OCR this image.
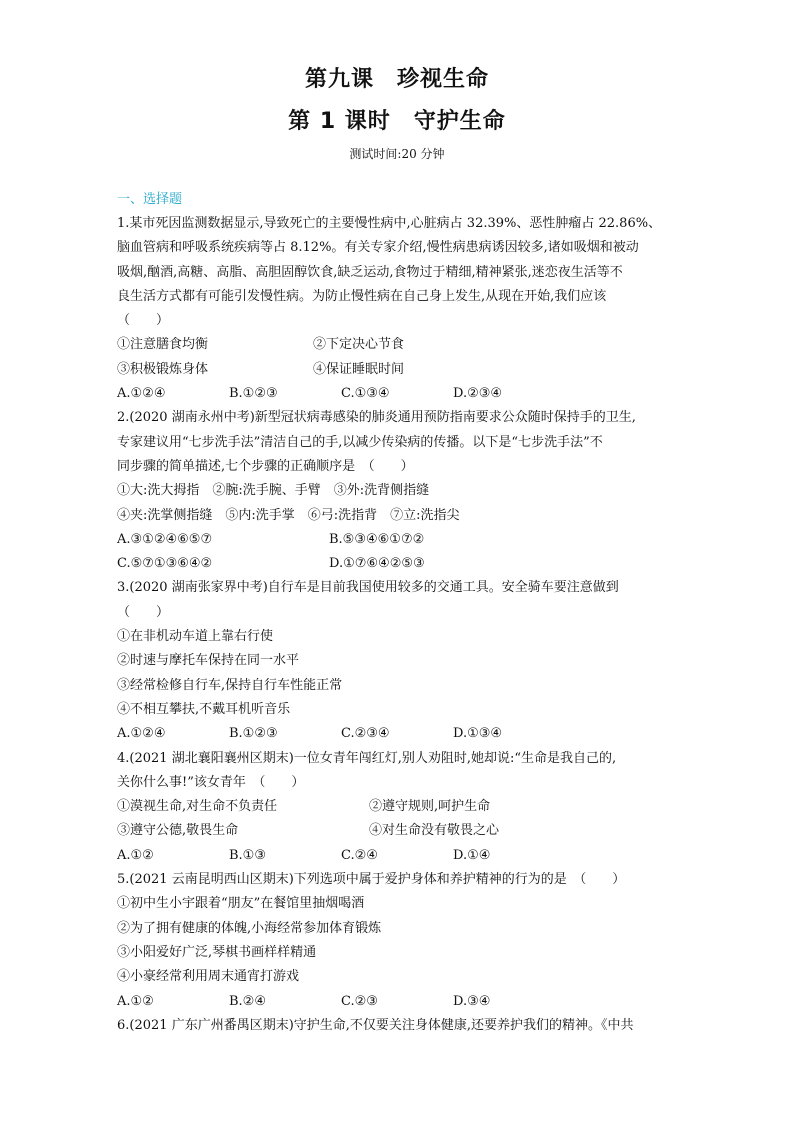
第九课　珍视生命
第 1 课时　守护生命
测试时间:20 分钟
一、选择题
1.某市死因监测数据显示,导致死亡的主要慢性病中,心脏病占 32.39%、恶性肿瘤占 22.86%、
脑血管病和呼吸系统疾病等占 8.12%。有关专家介绍,慢性病患病诱因较多,诸如吸烟和被动
吸烟,酗酒,高糖、高脂、高胆固醇饮食,缺乏运动,食物过于精细,精神紧张,迷恋夜生活等不
良生活方式都有可能引发慢性病。为防止慢性病在自己身上发生,从现在开始,我们应该
（　　）
①注意膳食均衡	②下定决心节食
③积极锻炼身体	④保证睡眠时间
A.①②④	B.①②③	C.①③④	D.②③④
2.(2020 湖南永州中考)新型冠状病毒感染的肺炎通用预防指南要求公众随时保持手的卫生,
专家建议用“七步洗手法”清洁自己的手,以减少传染病的传播。以下是“七步洗手法”不
同步骤的简单描述,七个步骤的正确顺序是　（　　）
①大:洗大拇指　②腕:洗手腕、手臂　③外:洗背侧指缝
④夹:洗掌侧指缝　⑤内:洗手掌　⑥弓:洗指背　⑦立:洗指尖
A.③①②④⑥⑤⑦	B.⑤③④⑥①⑦②
C.⑤⑦①③⑥④②	D.①⑦⑥④②⑤③
3.(2020 湖南张家界中考)自行车是目前我国使用较多的交通工具。安全骑车要注意做到
（　　）
①在非机动车道上靠右行使
②时速与摩托车保持在同一水平
③经常检修自行车,保持自行车性能正常
④不相互攀扶,不戴耳机听音乐
A.①②④	B.①②③	C.②③④	D.①③④
4.(2021 湖北襄阳襄州区期末)一位女青年闯红灯,别人劝阻时,她却说:“生命是我自己的,
关你什么事!”该女青年　（　　）
①漠视生命,对生命不负责任	②遵守规则,呵护生命
③遵守公德,敬畏生命	④对生命没有敬畏之心
A.①②	B.①③	C.②④	D.①④
5.(2021 云南昆明西山区期末)下列选项中属于爱护身体和养护精神的行为的是　（　　）
①初中生小宇跟着“朋友”在餐馆里抽烟喝酒
②为了拥有健康的体魄,小海经常参加体育锻炼
③小阳爱好广泛,琴棋书画样样精通
④小豪经常利用周末通宵打游戏
A.①②	B.②④	C.②③	D.③④
6.(2021 广东广州番禺区期末)守护生命,不仅要关注身体健康,还要养护我们的精神。《中共
